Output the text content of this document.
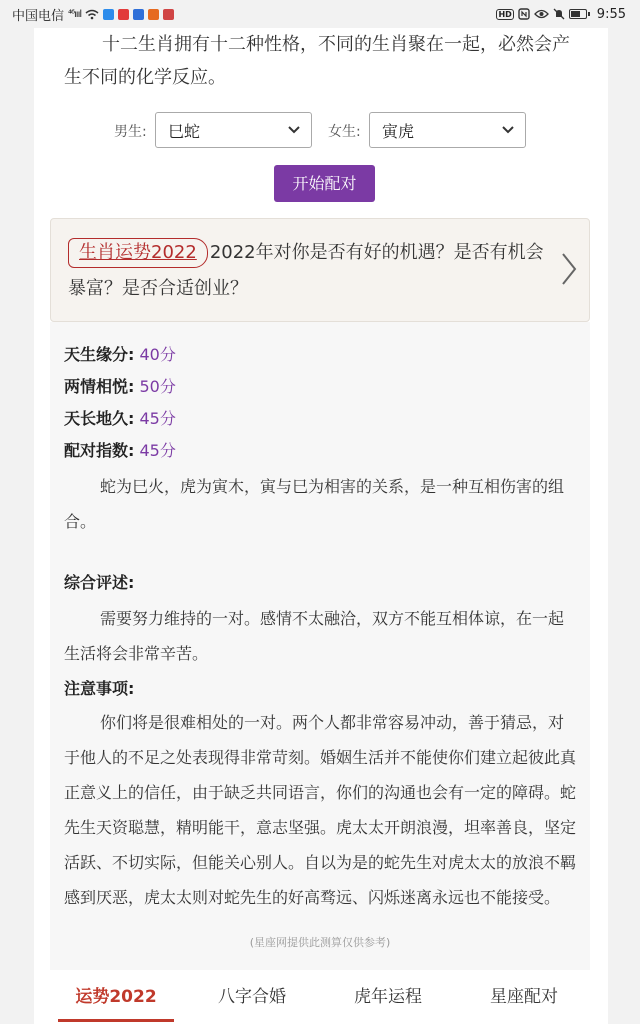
中国电信 ⁴⁶ıııl	HD	9:55

十二生肖拥有十二种性格，不同的生肖聚在一起，必然会产生不同的化学反应。

男生:	巳蛇	女生:	寅虎
开始配对

生肖运势2022 2022年对你是否有好的机遇？是否有机会暴富？是否合适创业？

天生缘分: 40分
两情相悦: 50分
天长地久: 45分
配对指数: 45分

蛇为巳火，虎为寅木，寅与巳为相害的关系，是一种互相伤害的组合。

综合评述:

需要努力维持的一对。感情不太融洽，双方不能互相体谅，在一起生活将会非常辛苦。

注意事项:

你们将是很难相处的一对。两个人都非常容易冲动，善于猜忌，对于他人的不足之处表现得非常苛刻。婚姻生活并不能使你们建立起彼此真正意义上的信任，由于缺乏共同语言，你们的沟通也会有一定的障碍。蛇先生天资聪慧，精明能干，意志坚强。虎太太开朗浪漫，坦率善良，坚定活跃、不切实际，但能关心别人。自以为是的蛇先生对虎太太的放浪不羁感到厌恶，虎太太则对蛇先生的好高骛远、闪烁迷离永远也不能接受。

(星座网提供此测算仅供参考)
运势2022	八字合婚	虎年运程	星座配对
